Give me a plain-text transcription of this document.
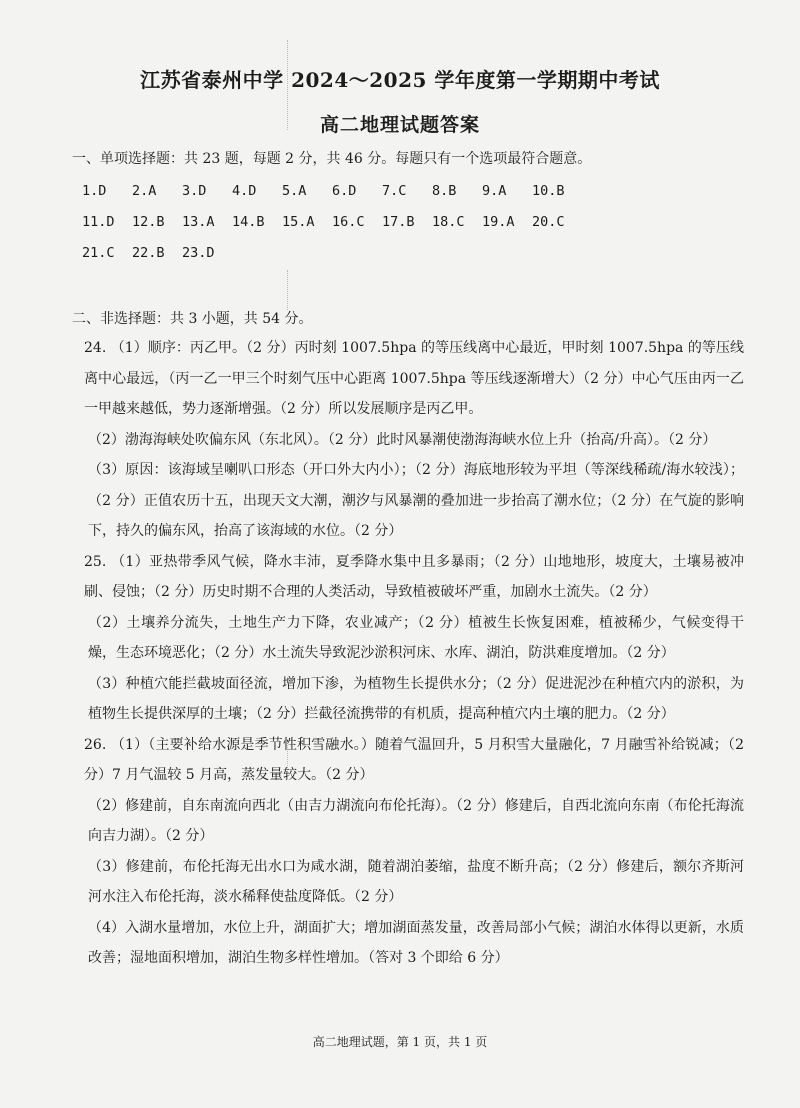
江苏省泰州中学 2024～2025 学年度第一学期期中考试
高二地理试题答案
一、单项选择题：共 23 题，每题 2 分，共 46 分。每题只有一个选项最符合题意。
1.D 2.A 3.D 4.D 5.A 6.D 7.C 8.B 9.A 10.B
11.D 12.B 13.A 14.B 15.A 16.C 17.B 18.C 19.A 20.C
21.C 22.B 23.D
二、非选择题：共 3 小题，共 54 分。

24. （1）顺序：丙乙甲。（2 分）丙时刻 1007.5hpa 的等压线离中心最近，甲时刻 1007.5hpa 的等压线离中心最远，（丙一乙一甲三个时刻气压中心距离 1007.5hpa 等压线逐渐增大）（2 分）中心气压由丙一乙一甲越来越低，势力逐渐增强。（2 分）所以发展顺序是丙乙甲。

（2）渤海海峡处吹偏东风（东北风）。（2 分）此时风暴潮使渤海海峡水位上升（抬高/升高）。（2 分）

（3）原因：该海域呈喇叭口形态（开口外大内小）；（2 分）海底地形较为平坦（等深线稀疏/海水较浅）；（2 分）正值农历十五，出现天文大潮，潮汐与风暴潮的叠加进一步抬高了潮水位；（2 分）在气旋的影响下，持久的偏东风，抬高了该海域的水位。（2 分）

25. （1）亚热带季风气候，降水丰沛，夏季降水集中且多暴雨；（2 分）山地地形，坡度大，土壤易被冲刷、侵蚀；（2 分）历史时期不合理的人类活动，导致植被破坏严重，加剧水土流失。（2 分）

（2）土壤养分流失，土地生产力下降，农业减产；（2 分）植被生长恢复困难，植被稀少，气候变得干燥，生态环境恶化；（2 分）水土流失导致泥沙淤积河床、水库、湖泊，防洪难度增加。（2 分）

（3）种植穴能拦截坡面径流，增加下渗，为植物生长提供水分；（2 分）促进泥沙在种植穴内的淤积，为植物生长提供深厚的土壤；（2 分）拦截径流携带的有机质，提高种植穴内土壤的肥力。（2 分）

26. （1）（主要补给水源是季节性积雪融水。）随着气温回升，5 月积雪大量融化，7 月融雪补给锐减；（2 分）7 月气温较 5 月高，蒸发量较大。（2 分）

（2）修建前，自东南流向西北（由吉力湖流向布伦托海）。（2 分）修建后，自西北流向东南（布伦托海流向吉力湖）。（2 分）

（3）修建前，布伦托海无出水口为咸水湖，随着湖泊萎缩，盐度不断升高；（2 分）修建后，额尔齐斯河河水注入布伦托海，淡水稀释使盐度降低。（2 分）

（4）入湖水量增加，水位上升，湖面扩大；增加湖面蒸发量，改善局部小气候；湖泊水体得以更新，水质改善；湿地面积增加，湖泊生物多样性增加。（答对 3 个即给 6 分）

高二地理试题，第 1 页，共 1 页
